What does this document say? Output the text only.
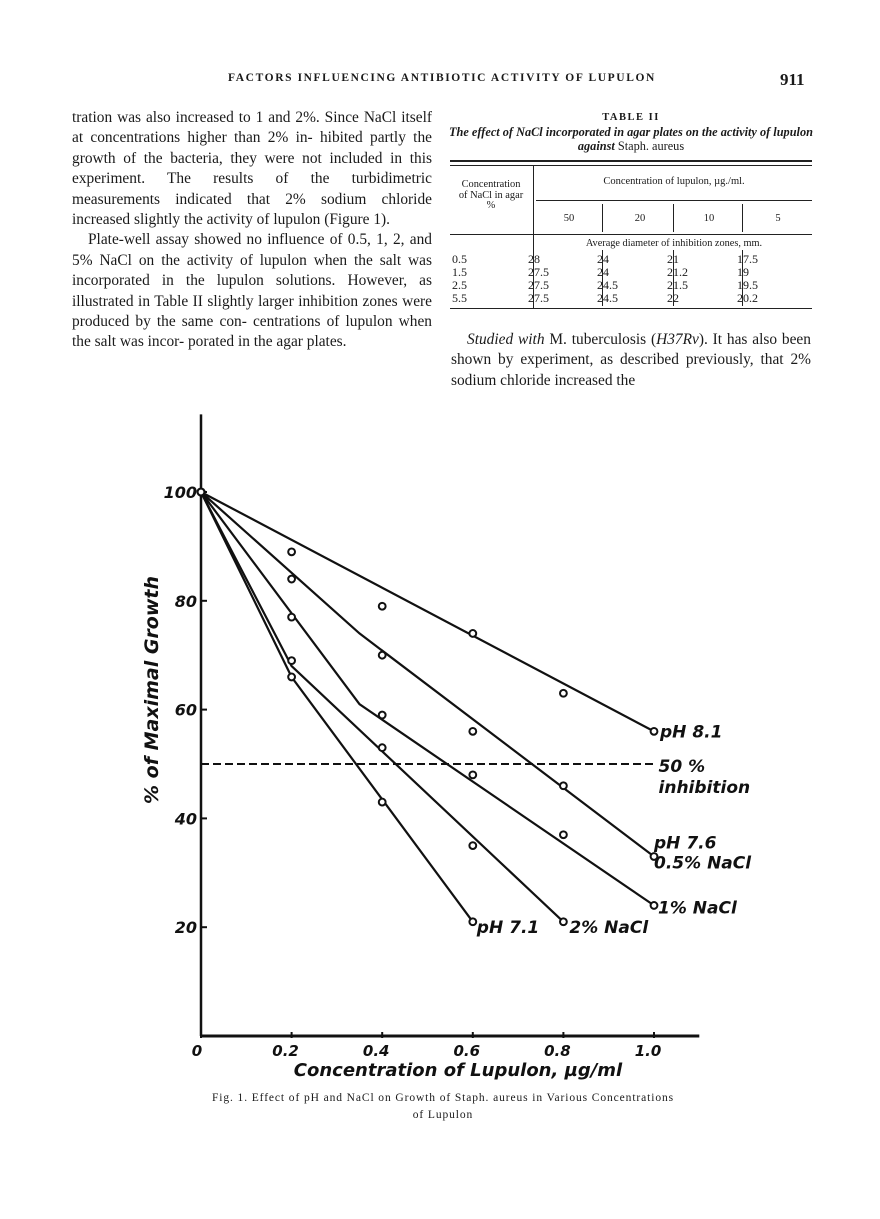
FACTORS INFLUENCING ANTIBIOTIC ACTIVITY OF LUPULON	911

tration was also increased to 1 and 2%. Since NaCl itself at concentrations higher than 2% in- hibited partly the growth of the bacteria, they were not included in this experiment. The results of the turbidimetric measurements indicated that 2% sodium chloride increased slightly the activity of lupulon (Figure 1).

Plate-well assay showed no influence of 0.5, 1, 2, and 5% NaCl on the activity of lupulon when the salt was incorporated in the lupulon solutions. However, as illustrated in Table II slightly larger inhibition zones were produced by the same con- centrations of lupulon when the salt was incor- porated in the agar plates.

TABLE II
The effect of NaCl incorporated in agar plates on the activity of lupulon against Staph. aureus
Concentration
of NaCl in agar
%
Concentration of lupulon, µg./ml.
50	20	10	5
Average diameter of inhibition zones, mm.
0.5	28	24	21	17.5
1.5	27.5	24	21.2	19
2.5	27.5	24.5	21.5	19.5
5.5	27.5	24.5	22	20.2

Studied with M. tuberculosis (H37Rv). It has also been shown by experiment, as described previously, that 2% sodium chloride increased the

0	0.2	0.4	0.6	0.8	1.0
20
40
60
80
100
50 %
inhibition
pH 8.1
pH 7.6
0.5% NaCl
1% NaCl
2% NaCl
pH 7.1
% of Maximal Growth
Concentration of Lupulon, µg/ml
Fig. 1. Effect of pH and NaCl on Growth of Staph. aureus in Various Concentrations
of Lupulon
